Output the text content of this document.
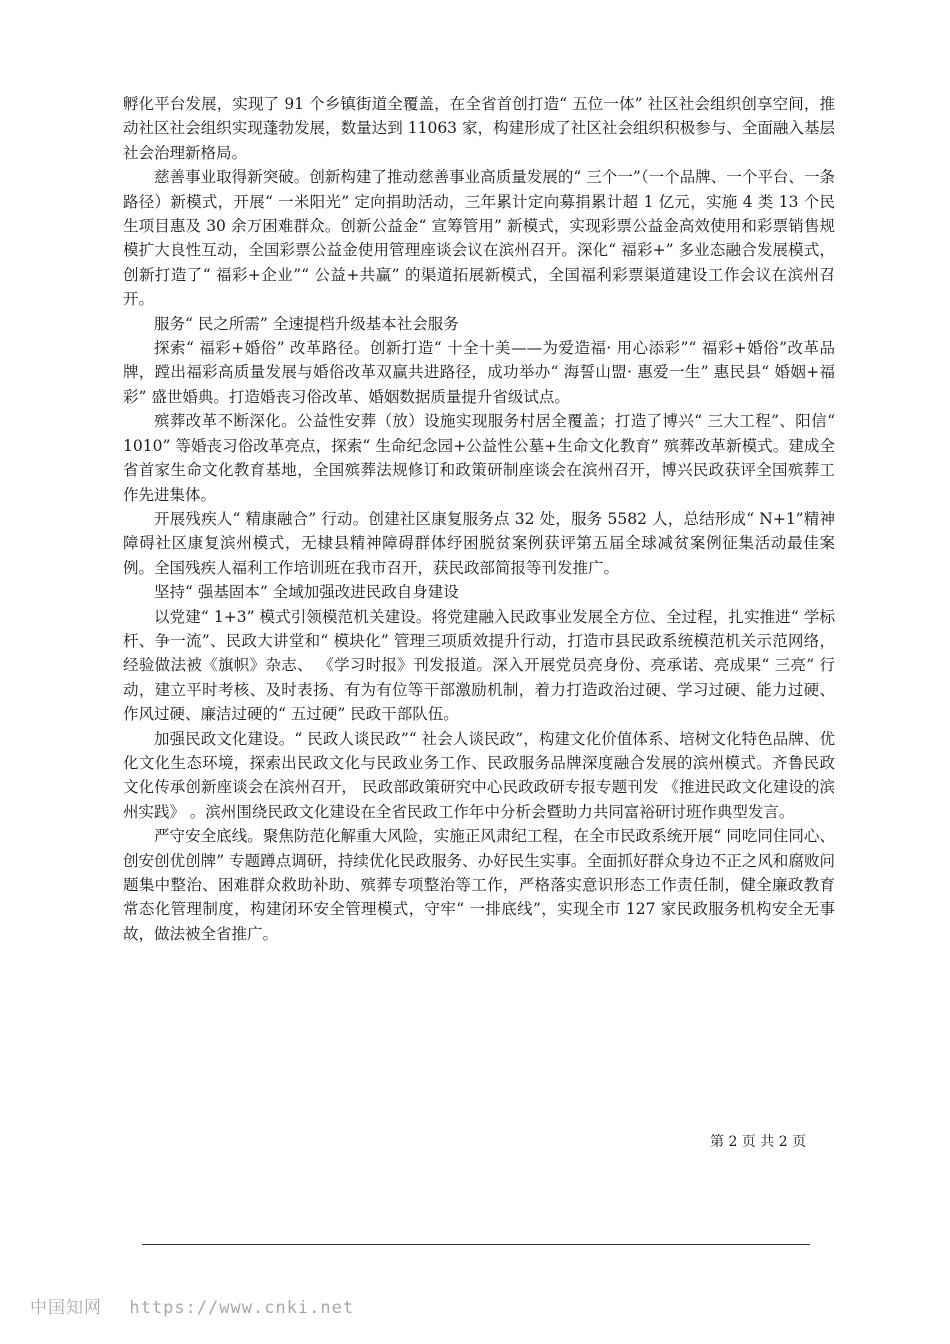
孵化平台发展，实现了 91 个乡镇街道全覆盖，在全省首创打造“ 五位一体” 社区社会组织创享空间，推动社区社会组织实现蓬勃发展，数量达到 11063 家，构建形成了社区社会组织积极参与、全面融入基层社会治理新格局。

慈善事业取得新突破。创新构建了推动慈善事业高质量发展的“ 三个一”（一个品牌、一个平台、一条路径）新模式，开展“ 一米阳光” 定向捐助活动，三年累计定向募捐累计超 1 亿元，实施 4 类 13 个民生项目惠及 30 余万困难群众。创新公益金“ 宣筹管用” 新模式，实现彩票公益金高效使用和彩票销售规模扩大良性互动，全国彩票公益金使用管理座谈会议在滨州召开。深化“ 福彩+” 多业态融合发展模式，创新打造了“ 福彩+企业”“ 公益+共赢” 的渠道拓展新模式，全国福利彩票渠道建设工作会议在滨州召开。

服务“ 民之所需” 全速提档升级基本社会服务

探索“ 福彩+婚俗” 改革路径。创新打造“ 十全十美——为爱造福· 用心添彩”“ 福彩+婚俗”改革品牌，蹚出福彩高质量发展与婚俗改革双赢共进路径，成功举办“ 海誓山盟· 惠爱一生” 惠民县“ 婚姻+福彩” 盛世婚典。打造婚丧习俗改革、婚姻数据质量提升省级试点。

殡葬改革不断深化。公益性安葬（放）设施实现服务村居全覆盖；打造了博兴“ 三大工程”、阳信“ 1010” 等婚丧习俗改革亮点，探索“ 生命纪念园+公益性公墓+生命文化教育” 殡葬改革新模式。建成全省首家生命文化教育基地，全国殡葬法规修订和政策研制座谈会在滨州召开，博兴民政获评全国殡葬工作先进集体。

开展残疾人“ 精康融合” 行动。创建社区康复服务点 32 处，服务 5582 人，总结形成“ N+1”精神障碍社区康复滨州模式，无棣县精神障碍群体纾困脱贫案例获评第五届全球减贫案例征集活动最佳案例。全国残疾人福利工作培训班在我市召开，获民政部简报等刊发推广。

坚持“ 强基固本” 全域加强改进民政自身建设

以党建“ 1+3” 模式引领模范机关建设。将党建融入民政事业发展全方位、全过程，扎实推进“ 学标杆、争一流”、民政大讲堂和“ 模块化” 管理三项质效提升行动，打造市县民政系统模范机关示范网络，经验做法被《旗帜》杂志、 《学习时报》刊发报道。深入开展党员亮身份、亮承诺、亮成果“ 三亮” 行动，建立平时考核、及时表扬、有为有位等干部激励机制，着力打造政治过硬、学习过硬、能力过硬、作风过硬、廉洁过硬的“ 五过硬” 民政干部队伍。

加强民政文化建设。“ 民政人谈民政”“ 社会人谈民政”，构建文化价值体系、培树文化特色品牌、优化文化生态环境，探索出民政文化与民政业务工作、民政服务品牌深度融合发展的滨州模式。齐鲁民政文化传承创新座谈会在滨州召开， 民政部政策研究中心民政政研专报专题刊发 《推进民政文化建设的滨州实践》 。滨州围绕民政文化建设在全省民政工作年中分析会暨助力共同富裕研讨班作典型发言。

严守安全底线。聚焦防范化解重大风险，实施正风肃纪工程，在全市民政系统开展“ 同吃同住同心、创安创优创牌” 专题蹲点调研，持续优化民政服务、办好民生实事。全面抓好群众身边不正之风和腐败问题集中整治、困难群众救助补助、殡葬专项整治等工作，严格落实意识形态工作责任制，健全廉政教育常态化管理制度，构建闭环安全管理模式，守牢“ 一排底线”，实现全市 127 家民政服务机构安全无事故，做法被全省推广。

第 2 页 共 2 页
中国知网 https://www.cnki.net
